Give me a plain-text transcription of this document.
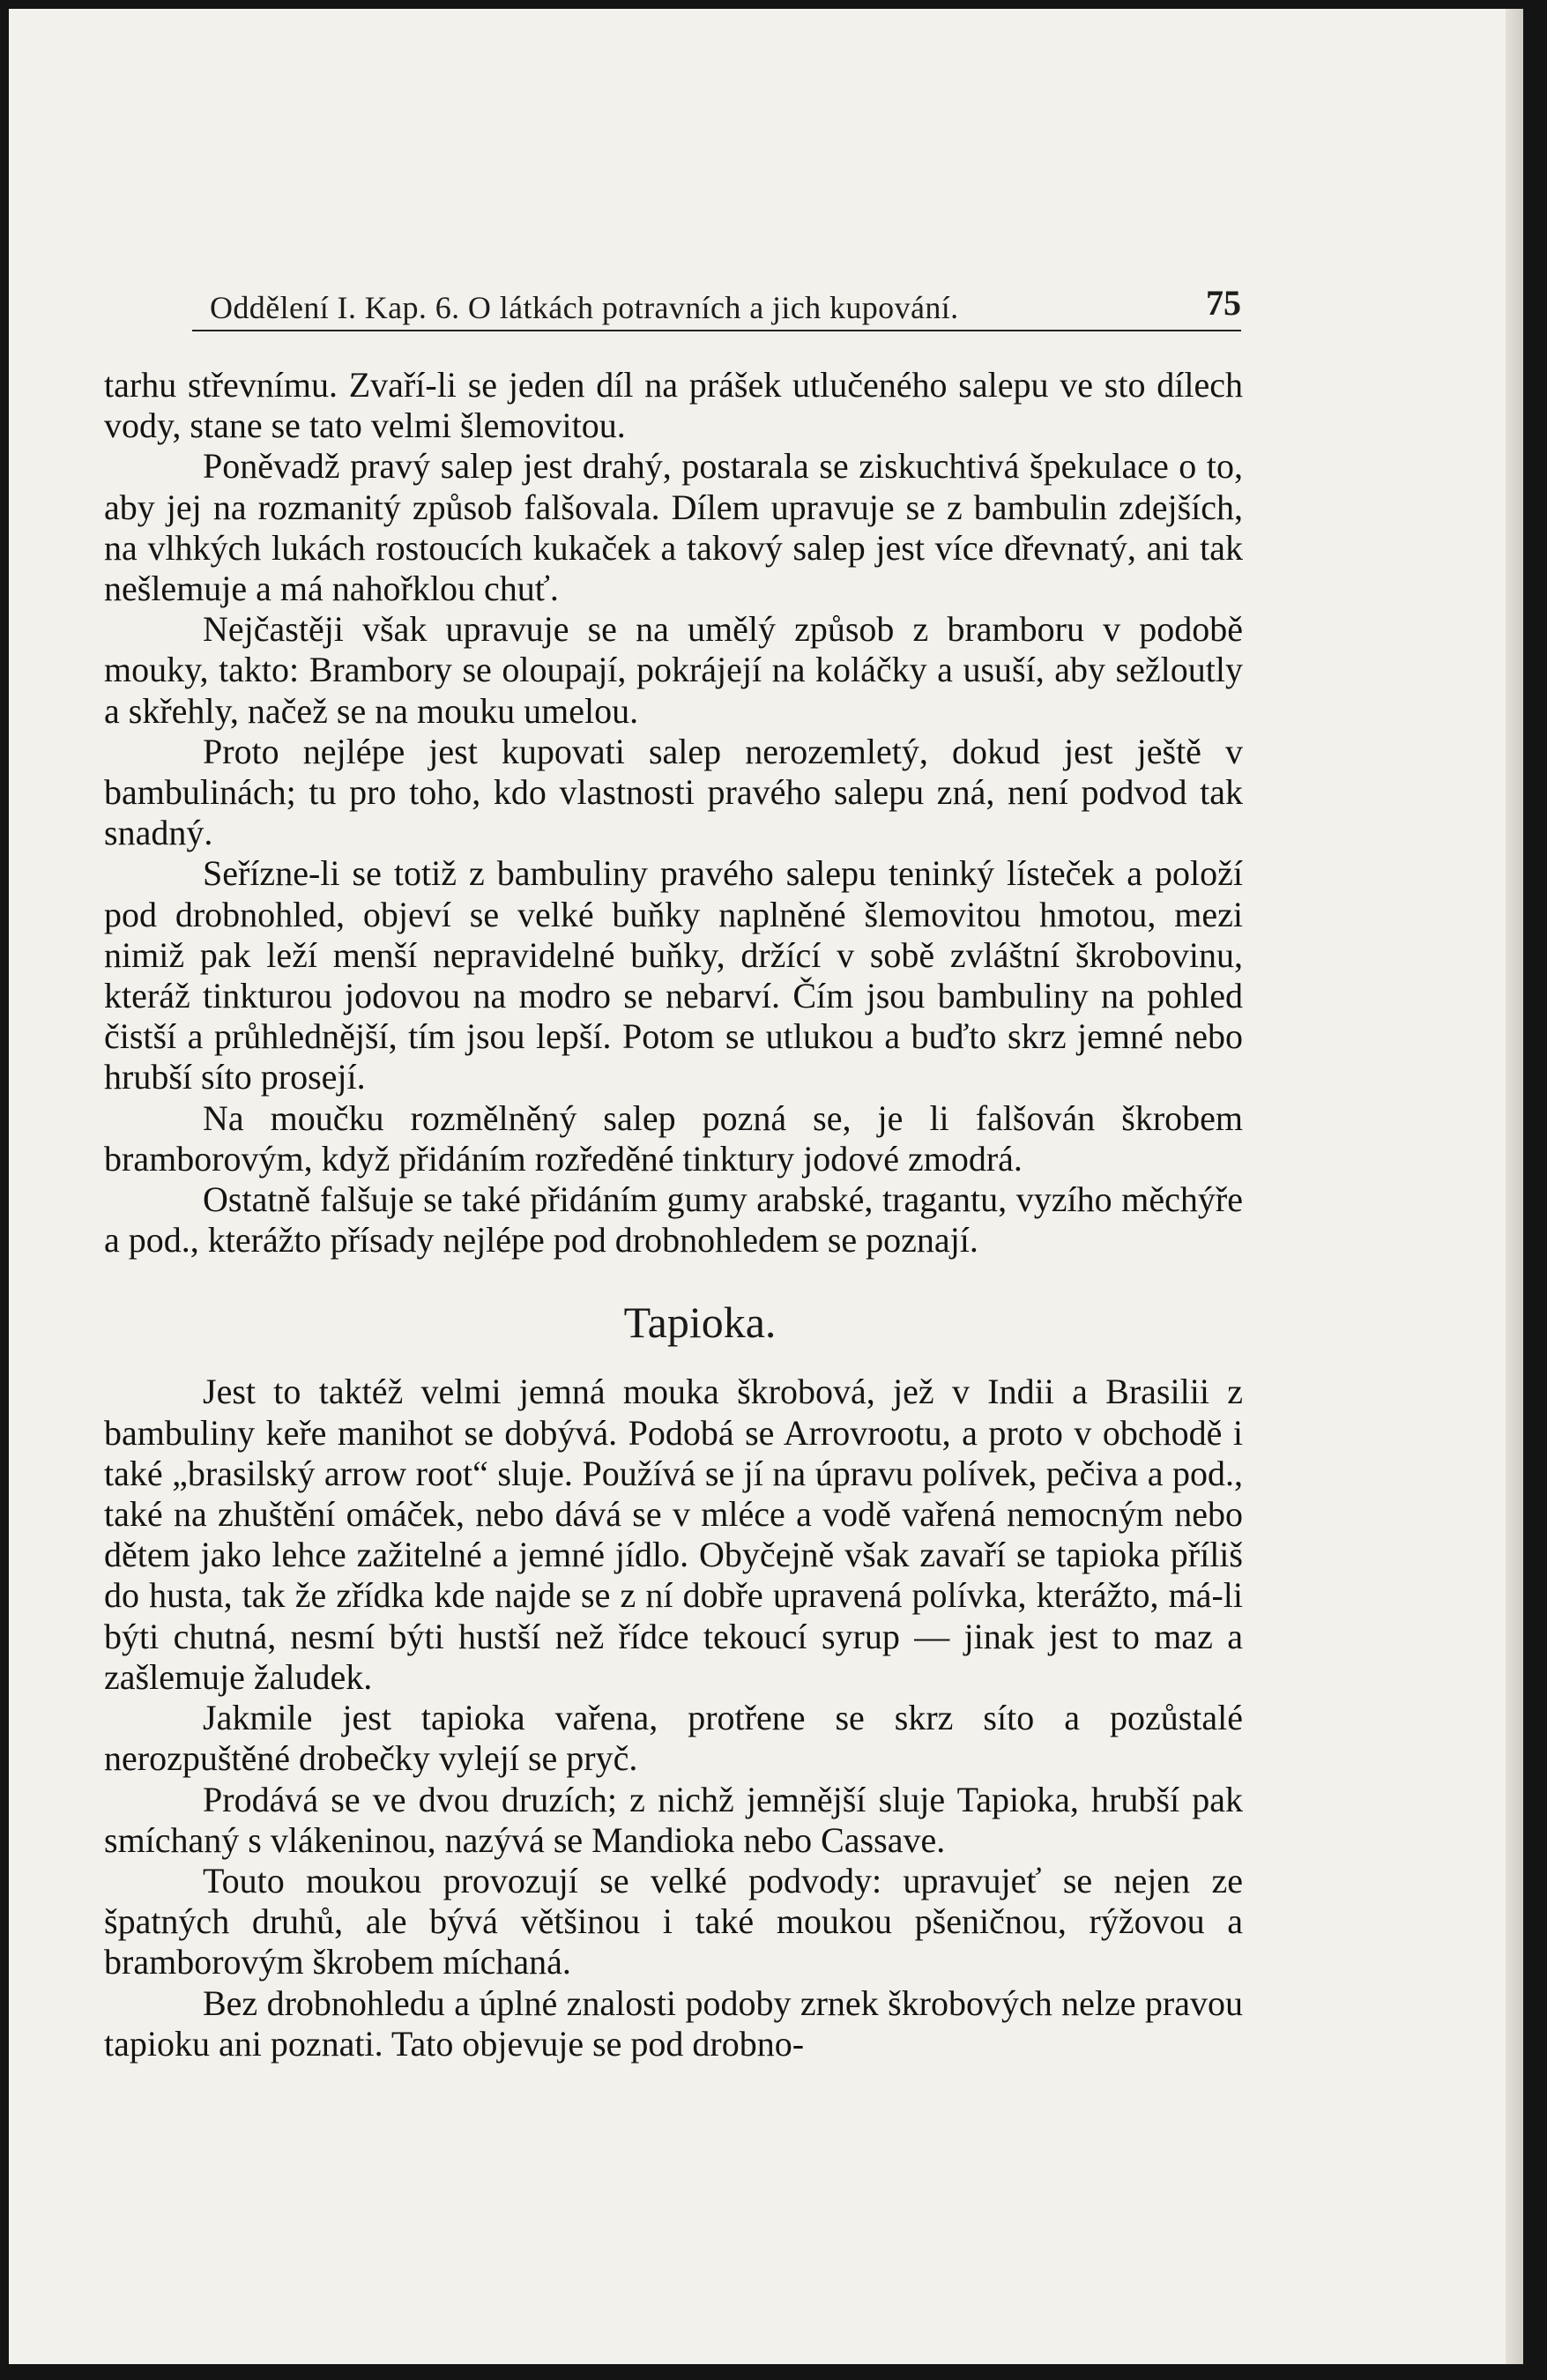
Oddělení I. Kap. 6. O látkách potravních a jich kupování.	75

tarhu střevnímu. Zvaří-li se jeden díl na prášek utlučeného salepu ve sto dílech vody, stane se tato velmi šlemovitou.

Poněvadž pravý salep jest drahý, postarala se ziskuchtivá špekulace o to, aby jej na rozmanitý způsob falšovala. Dílem upravuje se z bambulin zdejších, na vlhkých lukách rostoucích kukaček a takový salep jest více dřevnatý, ani tak nešlemuje a má nahořklou chuť.

Nejčastěji však upravuje se na umělý způsob z bramboru v podobě mouky, takto: Brambory se oloupají, pokrájejí na koláčky a usuší, aby sežloutly a skřehly, načež se na mouku umelou.

Proto nejlépe jest kupovati salep nerozemletý, dokud jest ještě v bambulinách; tu pro toho, kdo vlastnosti pravého salepu zná, není podvod tak snadný.

Seřízne-li se totiž z bambuliny pravého salepu teninký lísteček a položí pod drobnohled, objeví se velké buňky naplněné šlemovitou hmotou, mezi nimiž pak leží menší nepravidelné buňky, držící v sobě zvláštní škrobovinu, kteráž tinkturou jodovou na modro se nebarví. Čím jsou bambuliny na pohled čistší a průhlednější, tím jsou lepší. Potom se utlukou a buďto skrz jemné nebo hrubší síto prosejí.

Na moučku rozmělněný salep pozná se, je li falšován škrobem bramborovým, když přidáním rozředěné tinktury jodové zmodrá.

Ostatně falšuje se také přidáním gumy arabské, tragantu, vyzího měchýře a pod., kterážto přísady nejlépe pod drobnohledem se poznají.

Tapioka.

Jest to taktéž velmi jemná mouka škrobová, jež v Indii a Brasilii z bambuliny keře manihot se dobývá. Podobá se Arrovrootu, a proto v obchodě i také „brasilský arrow root“ sluje. Používá se jí na úpravu polívek, pečiva a pod., také na zhuštění omáček, nebo dává se v mléce a vodě vařená nemocným nebo dětem jako lehce zažitelné a jemné jídlo. Obyčejně však zavaří se tapioka příliš do husta, tak že zřídka kde najde se z ní dobře upravená polívka, kterážto, má-li býti chutná, nesmí býti hustší než řídce tekoucí syrup — jinak jest to maz a zašlemuje žaludek.

Jakmile jest tapioka vařena, protřene se skrz síto a pozůstalé nerozpuštěné drobečky vylejí se pryč.

Prodává se ve dvou druzích; z nichž jemnější sluje Tapioka, hrubší pak smíchaný s vlákeninou, nazývá se Mandioka nebo Cassave.

Touto moukou provozují se velké podvody: upravujeť se nejen ze špatných druhů, ale bývá většinou i také moukou pšeničnou, rýžovou a bramborovým škrobem míchaná.

Bez drobnohledu a úplné znalosti podoby zrnek škrobových nelze pravou tapioku ani poznati. Tato objevuje se pod drobno-
